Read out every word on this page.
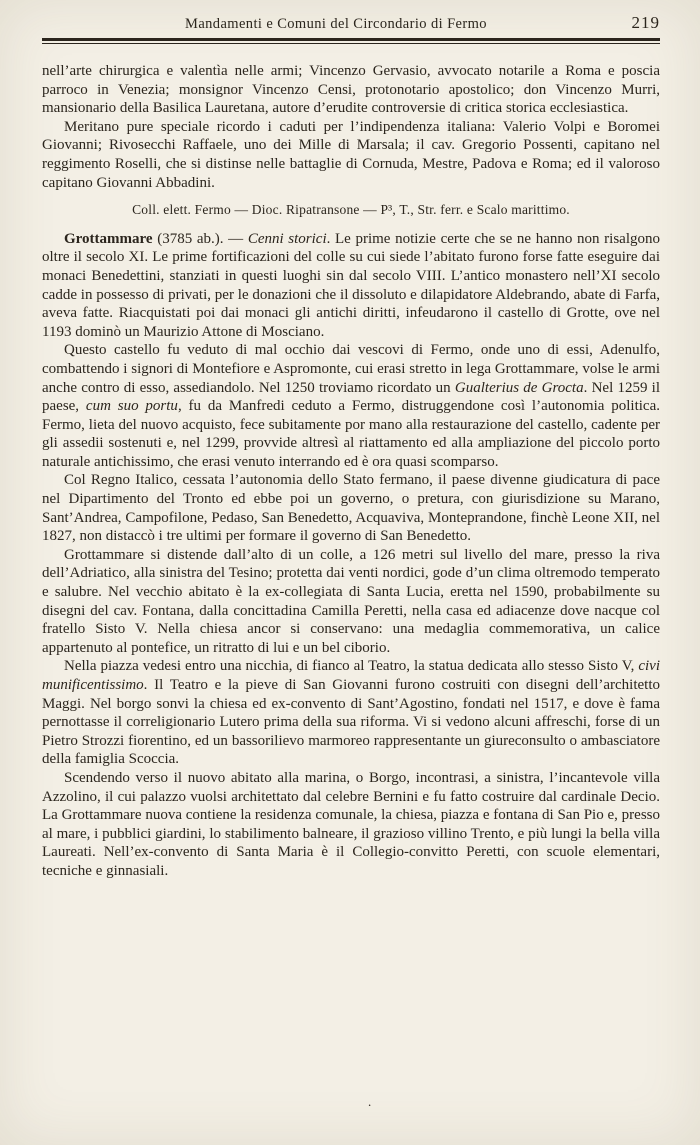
Mandamenti e Comuni del Circondario di Fermo	219

nell’arte chirurgica e valentìa nelle armi; Vincenzo Gervasio, avvocato notarile a Roma e poscia parroco in Venezia; monsignor Vincenzo Censi, protonotario apostolico; don Vincenzo Murri, mansionario della Basilica Lauretana, autore d’erudite controversie di critica storica ecclesiastica.

Meritano pure speciale ricordo i caduti per l’indipendenza italiana: Valerio Volpi e Boromei Giovanni; Rivosecchi Raffaele, uno dei Mille di Marsala; il cav. Gregorio Possenti, capitano nel reggimento Roselli, che si distinse nelle battaglie di Cornuda, Mestre, Padova e Roma; ed il valoroso capitano Giovanni Abbadini.

Coll. elett. Fermo — Dioc. Ripatransone — P³, T., Str. ferr. e Scalo marittimo.

Grottammare (3785 ab.). — Cenni storici. Le prime notizie certe che se ne hanno non risalgono oltre il secolo XI. Le prime fortificazioni del colle su cui siede l’abitato furono forse fatte eseguire dai monaci Benedettini, stanziati in questi luoghi sin dal secolo VIII. L’antico monastero nell’XI secolo cadde in possesso di privati, per le donazioni che il dissoluto e dilapidatore Aldebrando, abate di Farfa, aveva fatte. Riacquistati poi dai monaci gli antichi diritti, infeudarono il castello di Grotte, ove nel 1193 dominò un Maurizio Attone di Mosciano.

Questo castello fu veduto di mal occhio dai vescovi di Fermo, onde uno di essi, Adenulfo, combattendo i signori di Montefiore e Aspromonte, cui erasi stretto in lega Grottammare, volse le armi anche contro di esso, assediandolo. Nel 1250 troviamo ricordato un Gualterius de Grocta. Nel 1259 il paese, cum suo portu, fu da Manfredi ceduto a Fermo, distruggendone così l’autonomia politica. Fermo, lieta del nuovo acquisto, fece subitamente por mano alla restaurazione del castello, cadente per gli assedii sostenuti e, nel 1299, provvide altresì al riattamento ed alla ampliazione del piccolo porto naturale antichissimo, che erasi venuto interrando ed è ora quasi scomparso.

Col Regno Italico, cessata l’autonomia dello Stato fermano, il paese divenne giudicatura di pace nel Dipartimento del Tronto ed ebbe poi un governo, o pretura, con giurisdizione su Marano, Sant’Andrea, Campofilone, Pedaso, San Benedetto, Acquaviva, Monteprandone, finchè Leone XII, nel 1827, non distaccò i tre ultimi per formare il governo di San Benedetto.

Grottammare si distende dall’alto di un colle, a 126 metri sul livello del mare, presso la riva dell’Adriatico, alla sinistra del Tesino; protetta dai venti nordici, gode d’un clima oltremodo temperato e salubre. Nel vecchio abitato è la ex-collegiata di Santa Lucia, eretta nel 1590, probabilmente su disegni del cav. Fontana, dalla concittadina Camilla Peretti, nella casa ed adiacenze dove nacque col fratello Sisto V. Nella chiesa ancor si conservano: una medaglia commemorativa, un calice appartenuto al pontefice, un ritratto di lui e un bel ciborio.

Nella piazza vedesi entro una nicchia, di fianco al Teatro, la statua dedicata allo stesso Sisto V, civi munificentissimo. Il Teatro e la pieve di San Giovanni furono costruiti con disegni dell’architetto Maggi. Nel borgo sonvi la chiesa ed ex-convento di Sant’Agostino, fondati nel 1517, e dove è fama pernottasse il correligionario Lutero prima della sua riforma. Vi si vedono alcuni affreschi, forse di un Pietro Strozzi fiorentino, ed un bassorilievo marmoreo rappresentante un giureconsulto o ambasciatore della famiglia Scoccia.

Scendendo verso il nuovo abitato alla marina, o Borgo, incontrasi, a sinistra, l’incantevole villa Azzolino, il cui palazzo vuolsi architettato dal celebre Bernini e fu fatto costruire dal cardinale Decio. La Grottammare nuova contiene la residenza comunale, la chiesa, piazza e fontana di San Pio e, presso al mare, i pubblici giardini, lo stabilimento balneare, il grazioso villino Trento, e più lungi la bella villa Laureati. Nell’ex-convento di Santa Maria è il Collegio-convitto Peretti, con scuole elementari, tecniche e ginnasiali.

.
